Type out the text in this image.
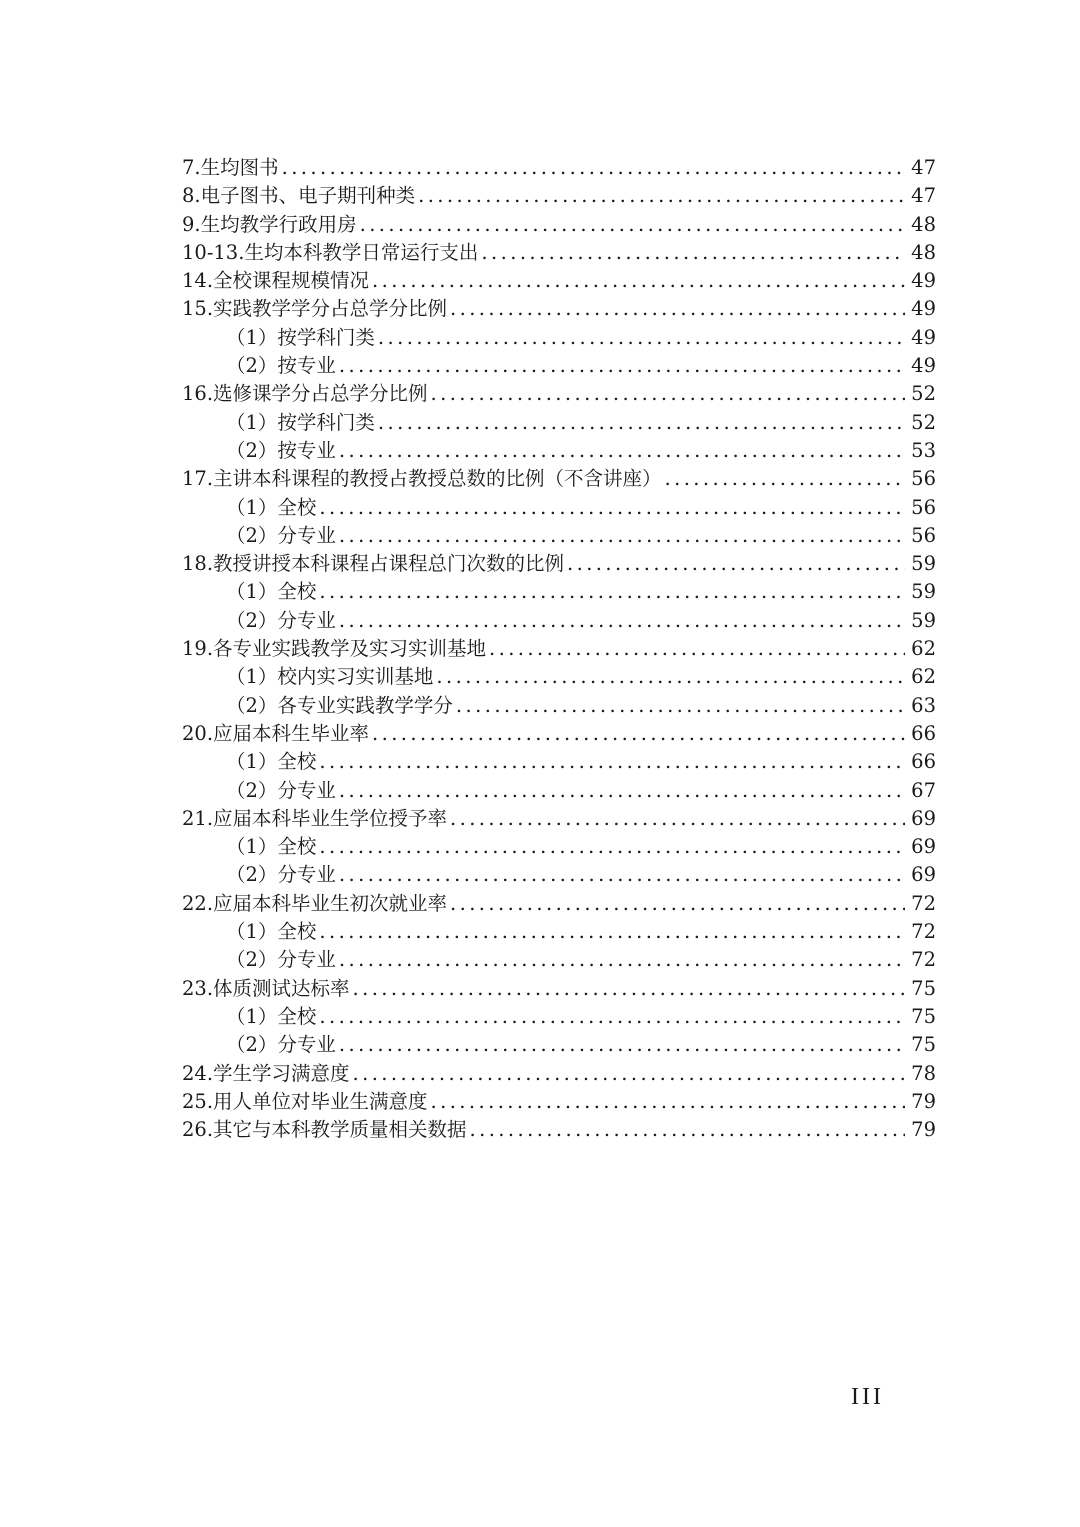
7.生均图书 .....	47
8.电子图书、电子期刊种类 .....	47
9.生均教学行政用房 .....	48
10-13.生均本科教学日常运行支出 .....	48
14.全校课程规模情况 .....	49
15.实践教学学分占总学分比例 .....	49
（1）按学科门类 .....	49
（2）按专业 .....	49
16.选修课学分占总学分比例 .....	52
（1）按学科门类 .....	52
（2）按专业 .....	53
17.主讲本科课程的教授占教授总数的比例（不含讲座） .....	56
（1）全校 .....	56
（2）分专业 .....	56
18.教授讲授本科课程占课程总门次数的比例 .....	59
（1）全校 .....	59
（2）分专业 .....	59
19.各专业实践教学及实习实训基地 .....	62
（1）校内实习实训基地 .....	62
（2）各专业实践教学学分 .....	63
20.应届本科生毕业率 .....	66
（1）全校 .....	66
（2）分专业 .....	67
21.应届本科毕业生学位授予率 .....	69
（1）全校 .....	69
（2）分专业 .....	69
22.应届本科毕业生初次就业率 .....	72
（1）全校 .....	72
（2）分专业 .....	72
23.体质测试达标率 .....	75
（1）全校 .....	75
（2）分专业 .....	75
24.学生学习满意度 .....	78
25.用人单位对毕业生满意度 .....	79
26.其它与本科教学质量相关数据 .....	79
III
